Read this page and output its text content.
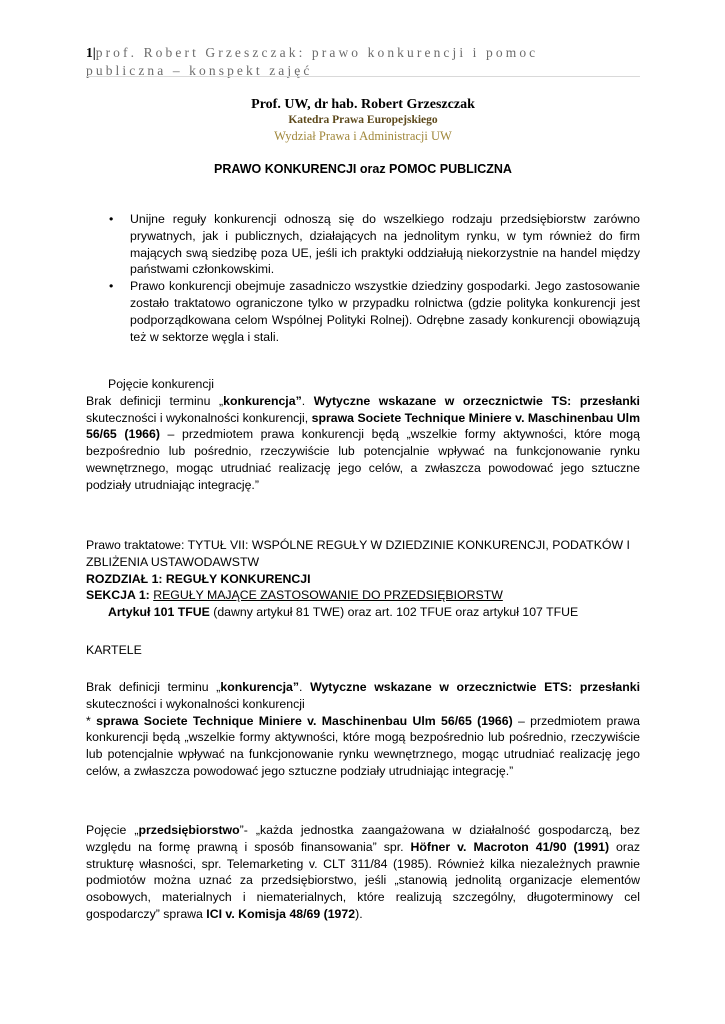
1|prof. Robert Grzeszczak: prawo konkurencji i pomoc
publiczna – konspekt zajęć
Prof. UW, dr hab. Robert Grzeszczak
Katedra Prawa Europejskiego
Wydział Prawa i Administracji UW
PRAWO KONKURENCJI oraz POMOC PUBLICZNA
• Unijne reguły konkurencji odnoszą się do wszelkiego rodzaju przedsiębiorstw zarówno prywatnych, jak i publicznych, działających na jednolitym rynku, w tym również do firm mających swą siedzibę poza UE, jeśli ich praktyki oddziałują niekorzystnie na handel między państwami członkowskimi.
• Prawo konkurencji obejmuje zasadniczo wszystkie dziedziny gospodarki. Jego zastosowanie zostało traktatowo ograniczone tylko w przypadku rolnictwa (gdzie polityka konkurencji jest podporządkowana celom Wspólnej Polityki Rolnej). Odrębne zasady konkurencji obowiązują też w sektorze węgla i stali.
Pojęcie konkurencji

Brak definicji terminu „konkurencja”. Wytyczne wskazane w orzecznictwie TS: przesłanki skuteczności i wykonalności konkurencji, sprawa Societe Technique Miniere v. Maschinenbau Ulm 56/65 (1966) – przedmiotem prawa konkurencji będą „wszelkie formy aktywności, które mogą bezpośrednio lub pośrednio, rzeczywiście lub potencjalnie wpływać na funkcjonowanie rynku wewnętrznego, mogąc utrudniać realizację jego celów, a zwłaszcza powodować jego sztuczne podziały utrudniając integrację.”

Prawo traktatowe: TYTUŁ VII: WSPÓLNE REGUŁY W DZIEDZINIE KONKURENCJI, PODATKÓW I ZBLIŻENIA USTAWODAWSTW

ROZDZIAŁ 1: REGUŁY KONKURENCJI

SEKCJA 1: REGUŁY MAJĄCE ZASTOSOWANIE DO PRZEDSIĘBIORSTW

Artykuł 101 TFUE (dawny artykuł 81 TWE) oraz art. 102 TFUE oraz artykuł 107 TFUE

KARTELE

Brak definicji terminu „konkurencja”. Wytyczne wskazane w orzecznictwie ETS: przesłanki skuteczności i wykonalności konkurencji

* sprawa Societe Technique Miniere v. Maschinenbau Ulm 56/65 (1966) – przedmiotem prawa konkurencji będą „wszelkie formy aktywności, które mogą bezpośrednio lub pośrednio, rzeczywiście lub potencjalnie wpływać na funkcjonowanie rynku wewnętrznego, mogąc utrudniać realizację jego celów, a zwłaszcza powodować jego sztuczne podziały utrudniając integrację.”

Pojęcie „przedsiębiorstwo”- „każda jednostka zaangażowana w działalność gospodarczą, bez względu na formę prawną i sposób finansowania” spr. Höfner v. Macroton 41/90 (1991) oraz strukturę własności, spr. Telemarketing v. CLT 311/84 (1985). Również kilka niezależnych prawnie podmiotów można uznać za przedsiębiorstwo, jeśli „stanowią jednolitą organizacje elementów osobowych, materialnych i niematerialnych, które realizują szczególny, długoterminowy cel gospodarczy” sprawa ICI v. Komisja 48/69 (1972).
